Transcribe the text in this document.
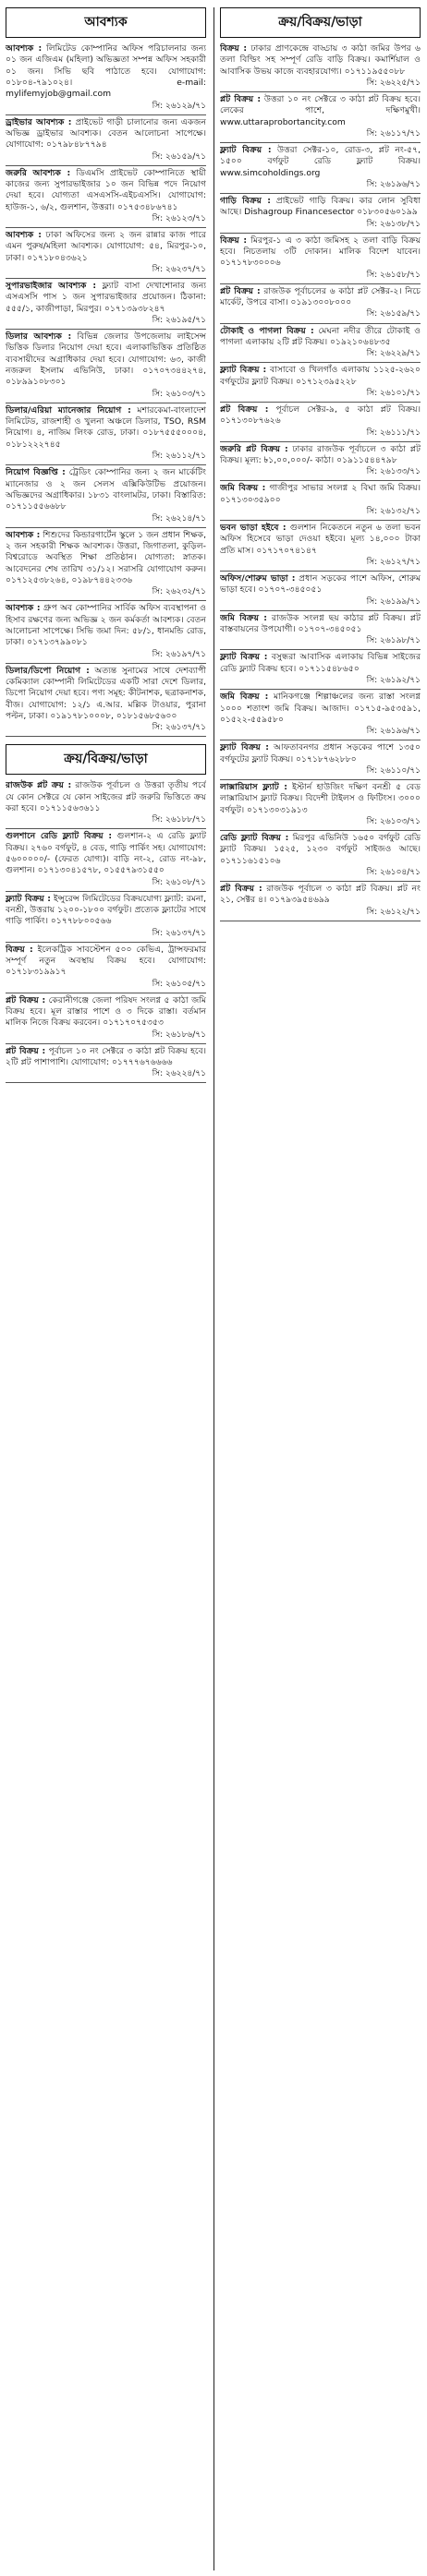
আবশ্যক
আবশ্যক : লিমিটেড কোম্পানির অফিস পরিচালনার জন্য ০১ জন এজিএম (মহিলা) অভিজ্ঞতা সম্পন্ন অফিস সহকারী ০১ জন। সিভি ছবি পাঠাতে হবে। যোগাযোগ: ০১৮০৪-৭৯১০২৪। e-mail: mylifemyjob@gmail.com
সি: ২৬১২৯/৭১
ড্রাইভার আবশ্যক : প্রাইভেট গাড়ী চালানোর জন্য একজন অভিজ্ঞ ড্রাইভার আবশ্যক। বেতন আলোচনা সাপেক্ষে। যোগাযোগ: ০১৭৯৮৪৮৭৭৯৪
সি: ২৬১৫৯/৭১
জরুরি আবশ্যক : ডিএমসি প্রাইভেট কোম্পানিতে স্থায়ী কাজের জন্য সুপারভাইজার ১০ জন বিভিন্ন পদে নিয়োগ দেয়া হবে। যোগ্যতা এসএসসি-এইচএসসি। যোগাযোগ: হাউজ-১, ৬/২, গুলশান, উত্তরা। ০১৭৫৩৪৮৬৭৪১
সি: ২৬১২৩/৭১
আবশ্যক : ঢাকা অফিসের জন্য ২ জন রান্নার কাজ পারে এমন পুরুষ/মহিলা আবশ্যক। যোগাযোগ: ৫৪, মিরপুর-১০, ঢাকা। ০১৭১৮০৪৩৬২১
সি: ২৬২৩৭/৭১
সুপারভাইজার আবশ্যক : ফ্ল্যাট বাসা দেখাশোনার জন্য এসএসসি পাস ১ জন সুপারভাইজার প্রয়োজন। ঠিকানা: ৫৫৫/১, কাজীপাড়া, মিরপুর। ০১৭১৩৯৩৮২৪৭
সি: ২৬১৯৫/৭১
ডিলার আবশ্যক : বিভিন্ন জেলার উপজেলায় লাইসেন্স ভিত্তিক ডিলার নিয়োগ দেয়া হবে। এলাকাভিত্তিক প্রতিষ্ঠিত ব্যবসায়ীদের অগ্রাধিকার দেয়া হবে। যোগাযোগ: ৬৩, কাজী নজরুল ইসলাম এভিনিউ, ঢাকা। ০১৭০৭৩৪৪২৭৪, ০১৮৯৯১০৮৩০১
সি: ২৬১০৩/৭১
ডিলার/এরিয়া ম্যানেজার নিয়োগ : মশারকেমা-বাংলাদেশ লিমিটেড, রাজশাহী ও খুলনা অঞ্চলে ডিলার, TSO, RSM নিয়োগ। ৪, নাজিম লিংক রোড, ঢাকা। ০১৮৭৫৫৫০০০৪, ০১৮১২২২৭৪৫
সি: ২৬১১২/৭১
নিয়োগ বিজ্ঞপ্তি : ট্রেডিং কোম্পানির জন্য ২ জন মার্কেটিং ম্যানেজার ও ২ জন সেলস এক্সিকিউটিভ প্রয়োজন। অভিজ্ঞদের অগ্রাধিকার। ১৮৩১ বাংলামটর, ঢাকা। বিস্তারিত: ০১৭১১৫৫৬৬৮৮
সি: ২৬২১৪/৭১
আবশ্যক : শিশুদের কিন্ডারগার্টেন স্কুলে ১ জন প্রধান শিক্ষক, ২ জন সহকারী শিক্ষক আবশ্যক। উত্তরা, জিগাতলা, কুড়িল-বিশ্বরোডে অবস্থিত শিক্ষা প্রতিষ্ঠান। যোগ্যতা: স্নাতক। আবেদনের শেষ তারিখ ৩১/১২। সরাসরি যোগাযোগ করুন। ০১৭১২৫৩৮২৬৪, ০১৯৮৭৪৪২৩৩৬
সি: ২৬২৩২/৭১
আবশ্যক : গ্রুপ অব কোম্পানির সার্বিক অফিস ব্যবস্থাপনা ও হিসাব রক্ষণের জন্য অভিজ্ঞ ২ জন কর্মকর্তা আবশ্যক। বেতন আলোচনা সাপেক্ষে। সিভি জমা দিন: ৫৮/১, ধানমন্ডি রোড, ঢাকা। ০১৭১৩৭৯৯০৮১
সি: ২৬১৯৭/৭১
ডিলার/ডিপো নিয়োগ : অত্যন্ত সুনামের সাথে দেশব্যাপী কেমিক্যাল কোম্পানী লিমিটেডের একটি সারা দেশে ডিলার, ডিপো নিয়োগ দেয়া হবে। পণ্য সমূহ: কীটনাশক, ছত্রাকনাশক, বীজ। যোগাযোগ: ১২/১ এ.আর. মল্লিক টাওয়ার, পুরানা পল্টন, ঢাকা। ০১৯১৭৮১০০০৮, ০১৮১৫৬৮৫৬০০
সি: ২৬১৩৭/৭১
ক্রয়/বিক্রয়/ভাড়া
রাজউক প্লট ক্রয় : রাজউক পূর্বাচল ও উত্তরা তৃতীয় পর্বে যে কোন সেক্টরে যে কোন সাইজের প্লট জরুরি ভিত্তিতে ক্রয় করা হবে। ০১৭১১৫৬৩৬১১
সি: ২৬১৮৮/৭১
গুলশানে রেডি ফ্ল্যাট বিক্রয় : গুলশান-২ এ রেডি ফ্ল্যাট বিক্রয়। ২৭৬০ বর্গফুট, ৪ বেড, গাড়ি পার্কিং সহ। যোগাযোগ: ৫৬০০০০০/- (ফেরত যোগ্য)। বাড়ি নং-২, রোড নং-৯৮, গুলশান। ০১৭১৩০৪১৫৭৮, ০১৫৫৭৯৩১৫৫০
সি: ২৬১০৮/৭১
ফ্ল্যাট বিক্রয় : ইন্সুরেন্স লিমিটেডের বিক্রয়যোগ্য ফ্ল্যাট: রমনা, বনশ্রী, উত্তরায় ১২০০-১৮০০ বর্গফুট। প্রত্যেক ফ্ল্যাটের সাথে গাড়ি পার্কিং। ০১৭৭৮৮০০৫৬৬
সি: ২৬১৩৭/৭১
বিক্রয় : ইলেকট্রিক সাবস্টেশন ৫০০ কেভিএ, ট্রান্সফরমার সম্পূর্ণ নতুন অবস্থায় বিক্রয় হবে। যোগাযোগ: ০১৭১৮৩১৯৯১৭
সি: ২৬১০৫/৭১
প্লট বিক্রয় : কেরানীগঞ্জে জেলা পরিষদ সংলগ্ন ৫ কাঠা জমি বিক্রয় হবে। মূল রাস্তার পাশে ও ৩ দিকে রাস্তা। বর্তমান মালিক নিজে বিক্রয় করবেন। ০১৭১৭০৭৫৩৫৩
সি: ২৬১৮৬/৭১
প্লট বিক্রয় : পূর্বাচল ১০ নং সেক্টরে ৩ কাঠা প্লট বিক্রয় হবে। ২টি প্লট পাশাপাশি। যোগাযোগ: ০১৭৭৭৬৭৬৬৬৬
সি: ২৬২২৪/৭১
ক্রয়/বিক্রয়/ভাড়া
বিক্রয় : ঢাকার প্রাণকেন্দ্রে বাড্ডায় ৩ কাঠা জমির উপর ৬ তলা বিল্ডিং সহ সম্পূর্ণ রেডি বাড়ি বিক্রয়। কমার্শিয়াল ও আবাসিক উভয় কাজে ব্যবহারযোগ্য। ০১৭১১৯৫৫০৮৮
সি: ২৬২২৫/৭১
প্লট বিক্রয় : উত্তরা ১০ নং সেক্টরে ৩ কাঠা প্লট বিক্রয় হবে। লেকের পাশে, দক্ষিণমুখী। www.uttaraprobortancity.com
সি: ২৬১১৭/৭১
ফ্ল্যাট বিক্রয় : উত্তরা সেক্টর-১০, রোড-৩, প্লট নং-৫৭, ১৫০০ বর্গফুট রেডি ফ্ল্যাট বিক্রয়। www.simcoholdings.org
সি: ২৬১৯৬/৭১
গাড়ি বিক্রয় : প্রাইভেট গাড়ি বিক্রয়। কার লোন সুবিধা আছে। Dishagroup Financesector ০১৮৩০৫৬০১৯৯
সি: ২৬১৩৮/৭১
বিক্রয় : মিরপুর-১ এ ৩ কাঠা জমিসহ ২ তলা বাড়ি বিক্রয় হবে। নিচতলায় ৩টি দোকান। মালিক বিদেশ যাবেন। ০১৭১৭৮৩০০০৬
সি: ২৬১৫৮/৭১
প্লট বিক্রয় : রাজউক পূর্বাচলের ৬ কাঠা প্লট সেক্টর-২। নিচে মার্কেট, উপরে বাসা। ০১৯১৩০০৮০০০
সি: ২৬১৫৯/৭১
টোকাই ও পাগলা বিক্রয় : মেঘনা নদীর তীরে টোকাই ও পাগলা এলাকায় ২টি প্লট বিক্রয়। ০১৯২১০৬৪৮৩৫
সি: ২৬২২৯/৭১
ফ্ল্যাট বিক্রয় : বাসাবো ও খিলগাঁও এলাকায় ১১২৫-২৬২০ বর্গফুটের ফ্ল্যাট বিক্রয়। ০১৭১২৩৯৫২২৮
সি: ২৬১০১/৭১
প্লট বিক্রয় : পূর্বাচল সেক্টর-৯, ৫ কাঠা প্লট বিক্রয়। ০১৭১৩০৮৭৬২৬
সি: ২৬১১১/৭১
জরুরি প্লট বিক্রয় : ঢাকার রাজউক পূর্বাচলে ৩ কাঠা প্লট বিক্রয়। মূল্য: ৳১,০০,০০০/- কাঠা। ০১৯১১৫৪৪৭৯৮
সি: ২৬১৩৩/৭১
জমি বিক্রয় : গাজীপুর সাভার সংলগ্ন ২ বিঘা জমি বিক্রয়। ০১৭১৩০৩৫৯০০
সি: ২৬১৩২/৭১
ভবন ভাড়া হইবে : গুলশান নিকেতনে নতুন ৬ তলা ভবন অফিস হিসেবে ভাড়া দেওয়া হইবে। মূল্য ১৪,০০০ টাকা প্রতি মাস। ০১৭১৭০৭৪১৪৭
সি: ২৬১২৭/৭১
অফিস/শোরুম ভাড়া : প্রধান সড়কের পাশে অফিস, শোরুম ভাড়া হবে। ০১৭০৭-৩৪৫০৫১
সি: ২৬১৯৯/৭১
জমি বিক্রয় : রাজউক সংলগ্ন ছয় কাঠার প্লট বিক্রয়। প্লট বাস্তবায়নের উপযোগী। ০১৭০৭-৩৪৫০৫১
সি: ২৬১৯৮/৭১
ফ্ল্যাট বিক্রয় : বসুন্ধরা আবাসিক এলাকায় বিভিন্ন সাইজের রেডি ফ্ল্যাট বিক্রয় হবে। ০১৭১১৫৪৮৬৫০
সি: ২৬১৯২/৭১
জমি বিক্রয় : মানিকগঞ্জে শিল্পাঞ্চলের জন্য রাস্তা সংলগ্ন ১০০০ শতাংশ জমি বিক্রয়। আজাদ। ০১৭১৫-৯৫৩৫৯১, ০১৫২২-৫৫৯৫৮০
সি: ২৬১৯৬/৭১
ফ্ল্যাট বিক্রয় : আফতাবনগর প্রধান সড়কের পাশে ১৩৫০ বর্গফুটের ফ্ল্যাট বিক্রয়। ০১৭১৮৭৬২৮৮০
সি: ২৬১১০/৭১
লাক্সারিয়াস ফ্ল্যাট : ইস্টার্ন হাউজিং দক্ষিণ বনশ্রী ৫ বেড লাক্সারিয়াস ফ্ল্যাট বিক্রয়। বিদেশী টাইলস ও ফিটিংস। ৩০০০ বর্গফুট। ০১৭১৩০৩১৯১৩
সি: ২৬১০৩/৭১
রেডি ফ্ল্যাট বিক্রয় : মিরপুর এভিনিউ ১৬৫০ বর্গফুট রেডি ফ্ল্যাট বিক্রয়। ১৫২৫, ১২৩০ বর্গফুট সাইজও আছে। ০১৭১১৬১৫১০৬
সি: ২৬১০৪/৭১
প্লট বিক্রয় : রাজউক পূর্বাচল ৩ কাঠা প্লট বিক্রয়। প্লট নং ২১, সেক্টর ৪। ০১৭৯৩৯৫৪৬৯৯
সি: ২৬১২২/৭১
